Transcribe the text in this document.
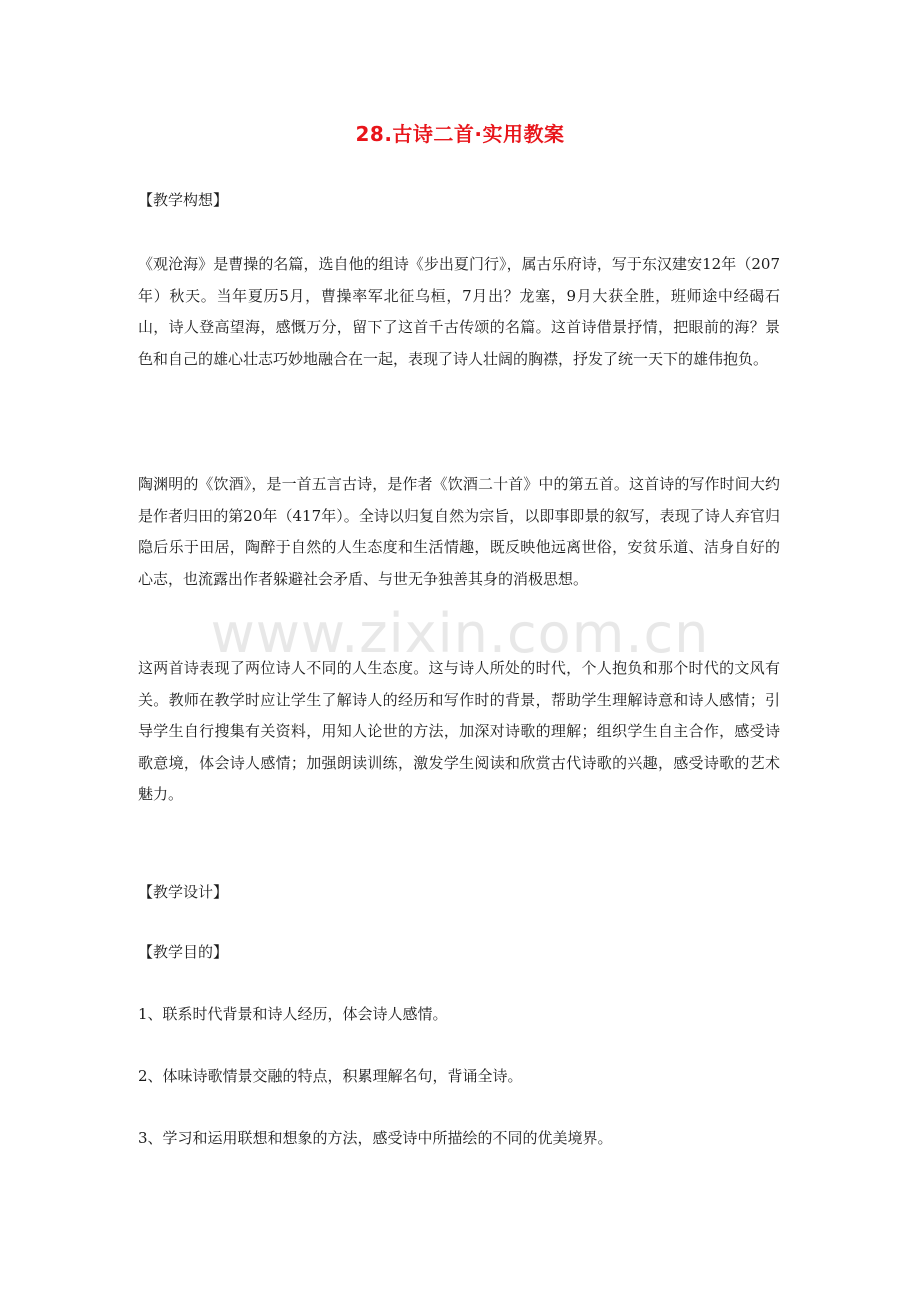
28.古诗二首·实用教案
【教学构想】
《观沧海》是曹操的名篇，选自他的组诗《步出夏门行》，属古乐府诗，写于东汉建安12年（207年）秋天。当年夏历5月，曹操率军北征乌桓，7月出？龙塞，9月大获全胜，班师途中经碣石山，诗人登高望海，感慨万分，留下了这首千古传颂的名篇。这首诗借景抒情，把眼前的海？景色和自己的雄心壮志巧妙地融合在一起，表现了诗人壮阔的胸襟，抒发了统一天下的雄伟抱负。
陶渊明的《饮酒》，是一首五言古诗，是作者《饮酒二十首》中的第五首。这首诗的写作时间大约是作者归田的第20年（417年）。全诗以归复自然为宗旨，以即事即景的叙写，表现了诗人弃官归隐后乐于田居，陶醉于自然的人生态度和生活情趣，既反映他远离世俗，安贫乐道、洁身自好的心志，也流露出作者躲避社会矛盾、与世无争独善其身的消极思想。
这两首诗表现了两位诗人不同的人生态度。这与诗人所处的时代，个人抱负和那个时代的文风有关。教师在教学时应让学生了解诗人的经历和写作时的背景，帮助学生理解诗意和诗人感情；引导学生自行搜集有关资料，用知人论世的方法，加深对诗歌的理解；组织学生自主合作，感受诗歌意境，体会诗人感情；加强朗读训练，激发学生阅读和欣赏古代诗歌的兴趣，感受诗歌的艺术魅力。
【教学设计】
【教学目的】
1、联系时代背景和诗人经历，体会诗人感情。
2、体味诗歌情景交融的特点，积累理解名句，背诵全诗。
3、学习和运用联想和想象的方法，感受诗中所描绘的不同的优美境界。
www.zixin.com.cn
